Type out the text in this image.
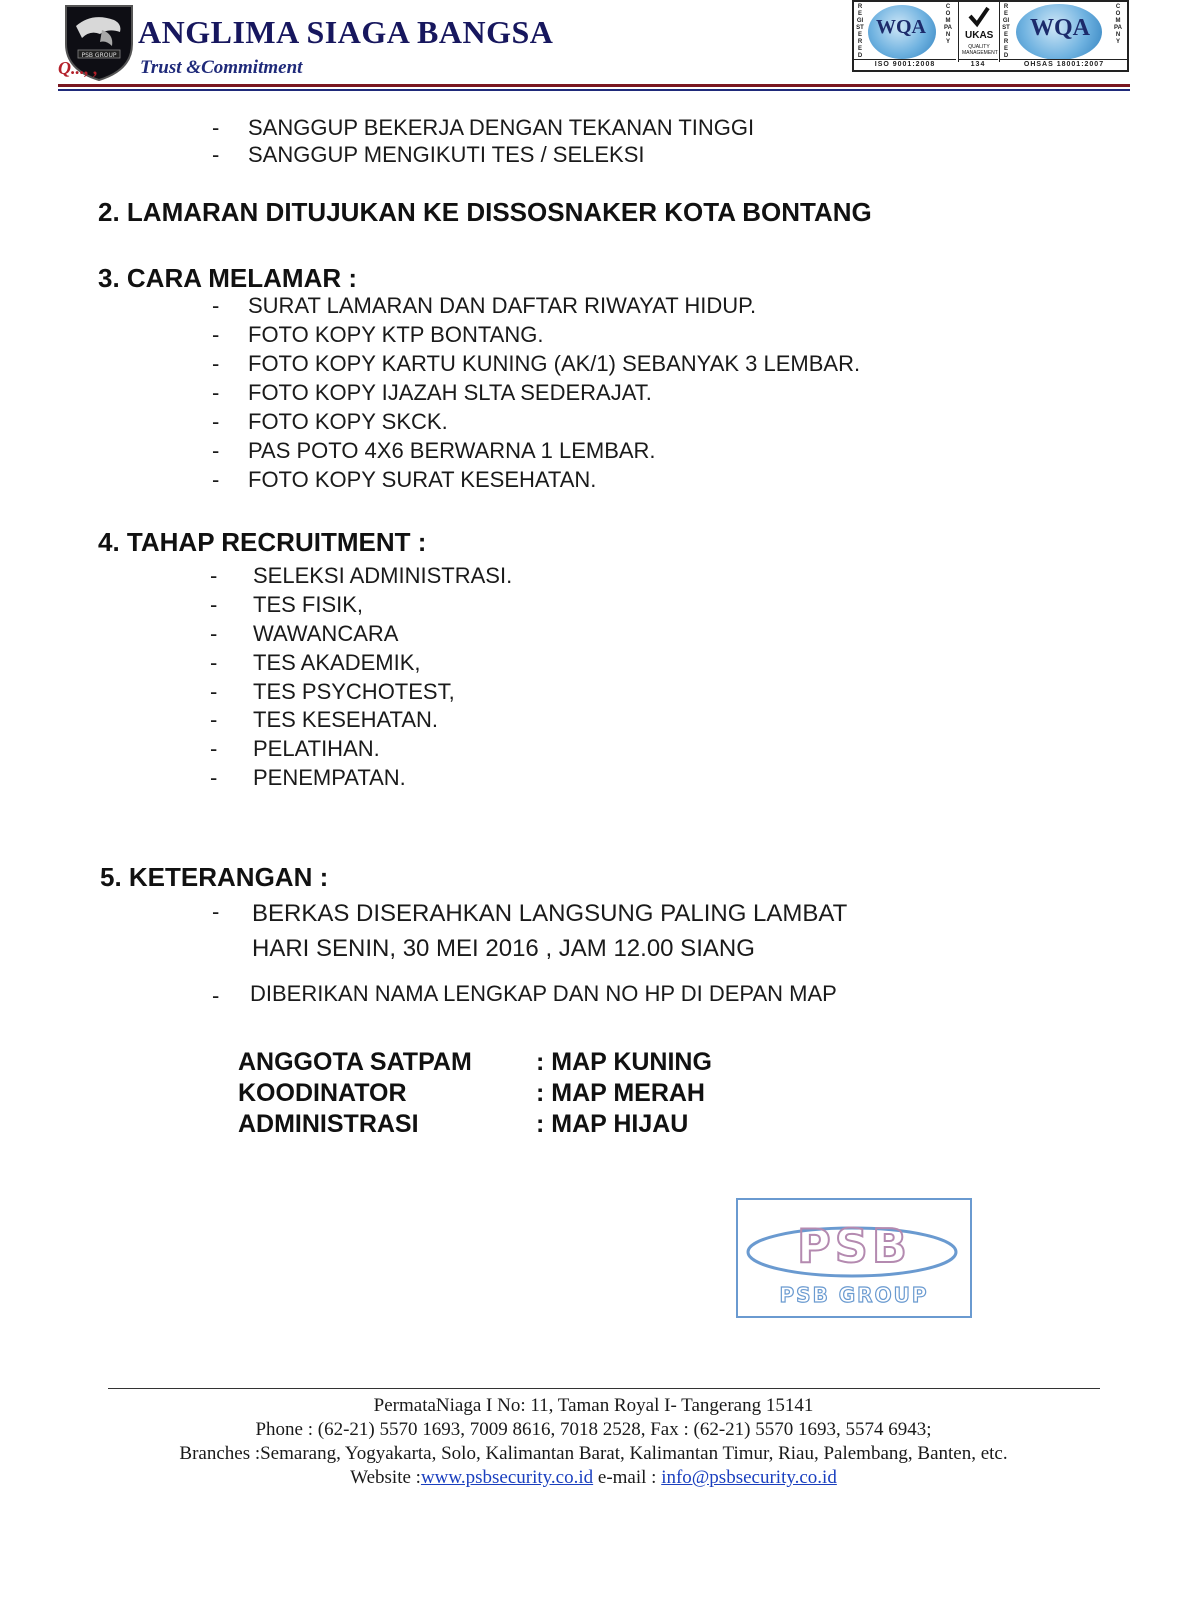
PSB GROUP
ANGLIMA SIAGA BANGSA
Q..., , Trust &Commitment
REGISTERED
WQA
COMPANY
ISO 9001:2008
UKAS
QUALITY MANAGEMENT
134
REGISTERED
WQA
COMPANY
OHSAS 18001:2007
- SANGGUP BEKERJA DENGAN TEKANAN TINGGI
- SANGGUP MENGIKUTI TES / SELEKSI
2. LAMARAN DITUJUKAN KE DISSOSNAKER KOTA BONTANG
3. CARA MELAMAR :
- SURAT LAMARAN DAN DAFTAR RIWAYAT HIDUP.
- FOTO KOPY KTP BONTANG.
- FOTO KOPY KARTU KUNING (AK/1) SEBANYAK 3 LEMBAR.
- FOTO KOPY IJAZAH SLTA SEDERAJAT.
- FOTO KOPY SKCK.
- PAS POTO 4X6 BERWARNA 1 LEMBAR.
- FOTO KOPY SURAT KESEHATAN.
4. TAHAP RECRUITMENT :
- SELEKSI ADMINISTRASI.
- TES FISIK,
- WAWANCARA
- TES AKADEMIK,
- TES PSYCHOTEST,
- TES KESEHATAN.
- PELATIHAN.
- PENEMPATAN.
5. KETERANGAN :
- BERKAS DISERAHKAN LANGSUNG PALING LAMBAT
HARI SENIN, 30 MEI 2016 , JAM 12.00 SIANG
- DIBERIKAN NAMA LENGKAP DAN NO HP DI DEPAN MAP
ANGGOTA SATPAM	: MAP KUNING
KOODINATOR	: MAP MERAH
ADMINISTRASI	: MAP HIJAU
PSB
PSB GROUP
PermataNiaga I No: 11, Taman Royal I- Tangerang 15141
Phone : (62-21) 5570 1693, 7009 8616, 7018 2528, Fax : (62-21) 5570 1693, 5574 6943;
Branches :Semarang, Yogyakarta, Solo, Kalimantan Barat, Kalimantan Timur, Riau, Palembang, Banten, etc.
Website :www.psbsecurity.co.id e-mail : info@psbsecurity.co.id
